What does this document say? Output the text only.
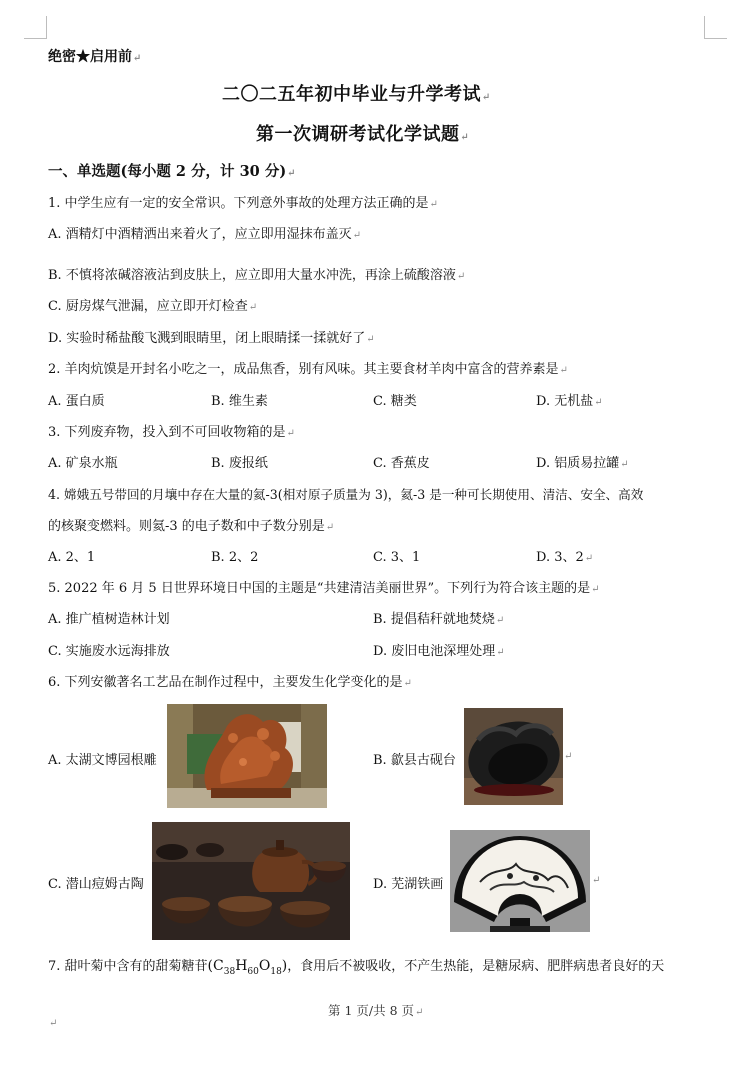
绝密★启用前↵
二〇二五年初中毕业与升学考试↵
第一次调研考试化学试题↵
一、单选题(每小题 2 分，计 30 分)↵
1. 中学生应有一定的安全常识。下列意外事故的处理方法正确的是↵
A. 酒精灯中酒精洒出来着火了，应立即用湿抹布盖灭↵
B. 不慎将浓碱溶液沾到皮肤上，应立即用大量水冲洗，再涂上硫酸溶液↵
C. 厨房煤气泄漏，应立即开灯检查↵
D. 实验时稀盐酸飞溅到眼睛里，闭上眼睛揉一揉就好了↵
2. 羊肉炕馍是开封名小吃之一，成品焦香，别有风味。其主要食材羊肉中富含的营养素是↵
A. 蛋白质	B. 维生素	C. 糖类	D. 无机盐↵
3. 下列废弃物，投入到不可回收物箱的是↵
A. 矿泉水瓶	B. 废报纸	C. 香蕉皮	D. 铝质易拉罐↵
4. 嫦娥五号带回的月壤中存在大量的氦-3(相对原子质量为 3)，氦-3 是一种可长期使用、清洁、安全、高效
的核聚变燃料。则氦-3 的电子数和中子数分别是↵
A. 2、1	B. 2、2	C. 3、1	D. 3、2↵
5. 2022 年 6 月 5 日世界环境日中国的主题是“共建清洁美丽世界”。下列行为符合该主题的是↵
A. 推广植树造林计划	B. 提倡秸秆就地焚烧↵
C. 实施废水远海排放	D. 废旧电池深埋处理↵
6. 下列安徽著名工艺品在制作过程中，主要发生化学变化的是↵
A. 太湖文博园根雕	B. 歙县古砚台	↵
C. 潜山痘姆古陶	D. 芜湖铁画	↵
7. 甜叶菊中含有的甜菊糖苷$(C_{38}H_{60}O_{18})$，食用后不被吸收，不产生热能，是糖尿病、肥胖病患者良好的天
第 1 页/共 8 页↵
↵
